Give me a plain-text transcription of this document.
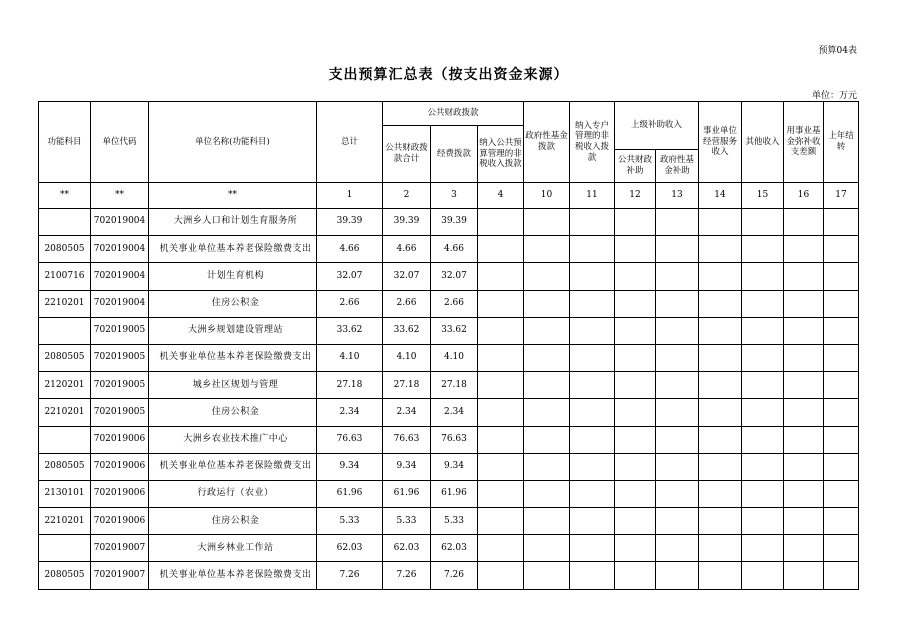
预算04表
支出预算汇总表（按支出资金来源）
单位：万元
功能科目	单位代码	单位名称(功能科目)	总计	公共财政拨款			政府性基金拨款	纳入专户管理的非税收入拨款	上级补助收入		事业单位经营服务收入	其他收入	用事业基金弥补收支差额	上年结转
				公共财政拨款合计	经费拨款	纳入公共预算管理的非税收入拨款								
									公共财政补助	政府性基金补助				
**	**	**	1	2	3	4	10	11	12	13	14	15	16	17
	702019004	大洲乡人口和计划生育服务所	39.39	39.39	39.39									
2080505	702019004	机关事业单位基本养老保险缴费支出	4.66	4.66	4.66									
2100716	702019004	计划生育机构	32.07	32.07	32.07									
2210201	702019004	住房公积金	2.66	2.66	2.66									
	702019005	大洲乡规划建设管理站	33.62	33.62	33.62									
2080505	702019005	机关事业单位基本养老保险缴费支出	4.10	4.10	4.10									
2120201	702019005	城乡社区规划与管理	27.18	27.18	27.18									
2210201	702019005	住房公积金	2.34	2.34	2.34									
	702019006	大洲乡农业技术推广中心	76.63	76.63	76.63									
2080505	702019006	机关事业单位基本养老保险缴费支出	9.34	9.34	9.34									
2130101	702019006	行政运行（农业）	61.96	61.96	61.96									
2210201	702019006	住房公积金	5.33	5.33	5.33									
	702019007	大洲乡林业工作站	62.03	62.03	62.03									
2080505	702019007	机关事业单位基本养老保险缴费支出	7.26	7.26	7.26									
